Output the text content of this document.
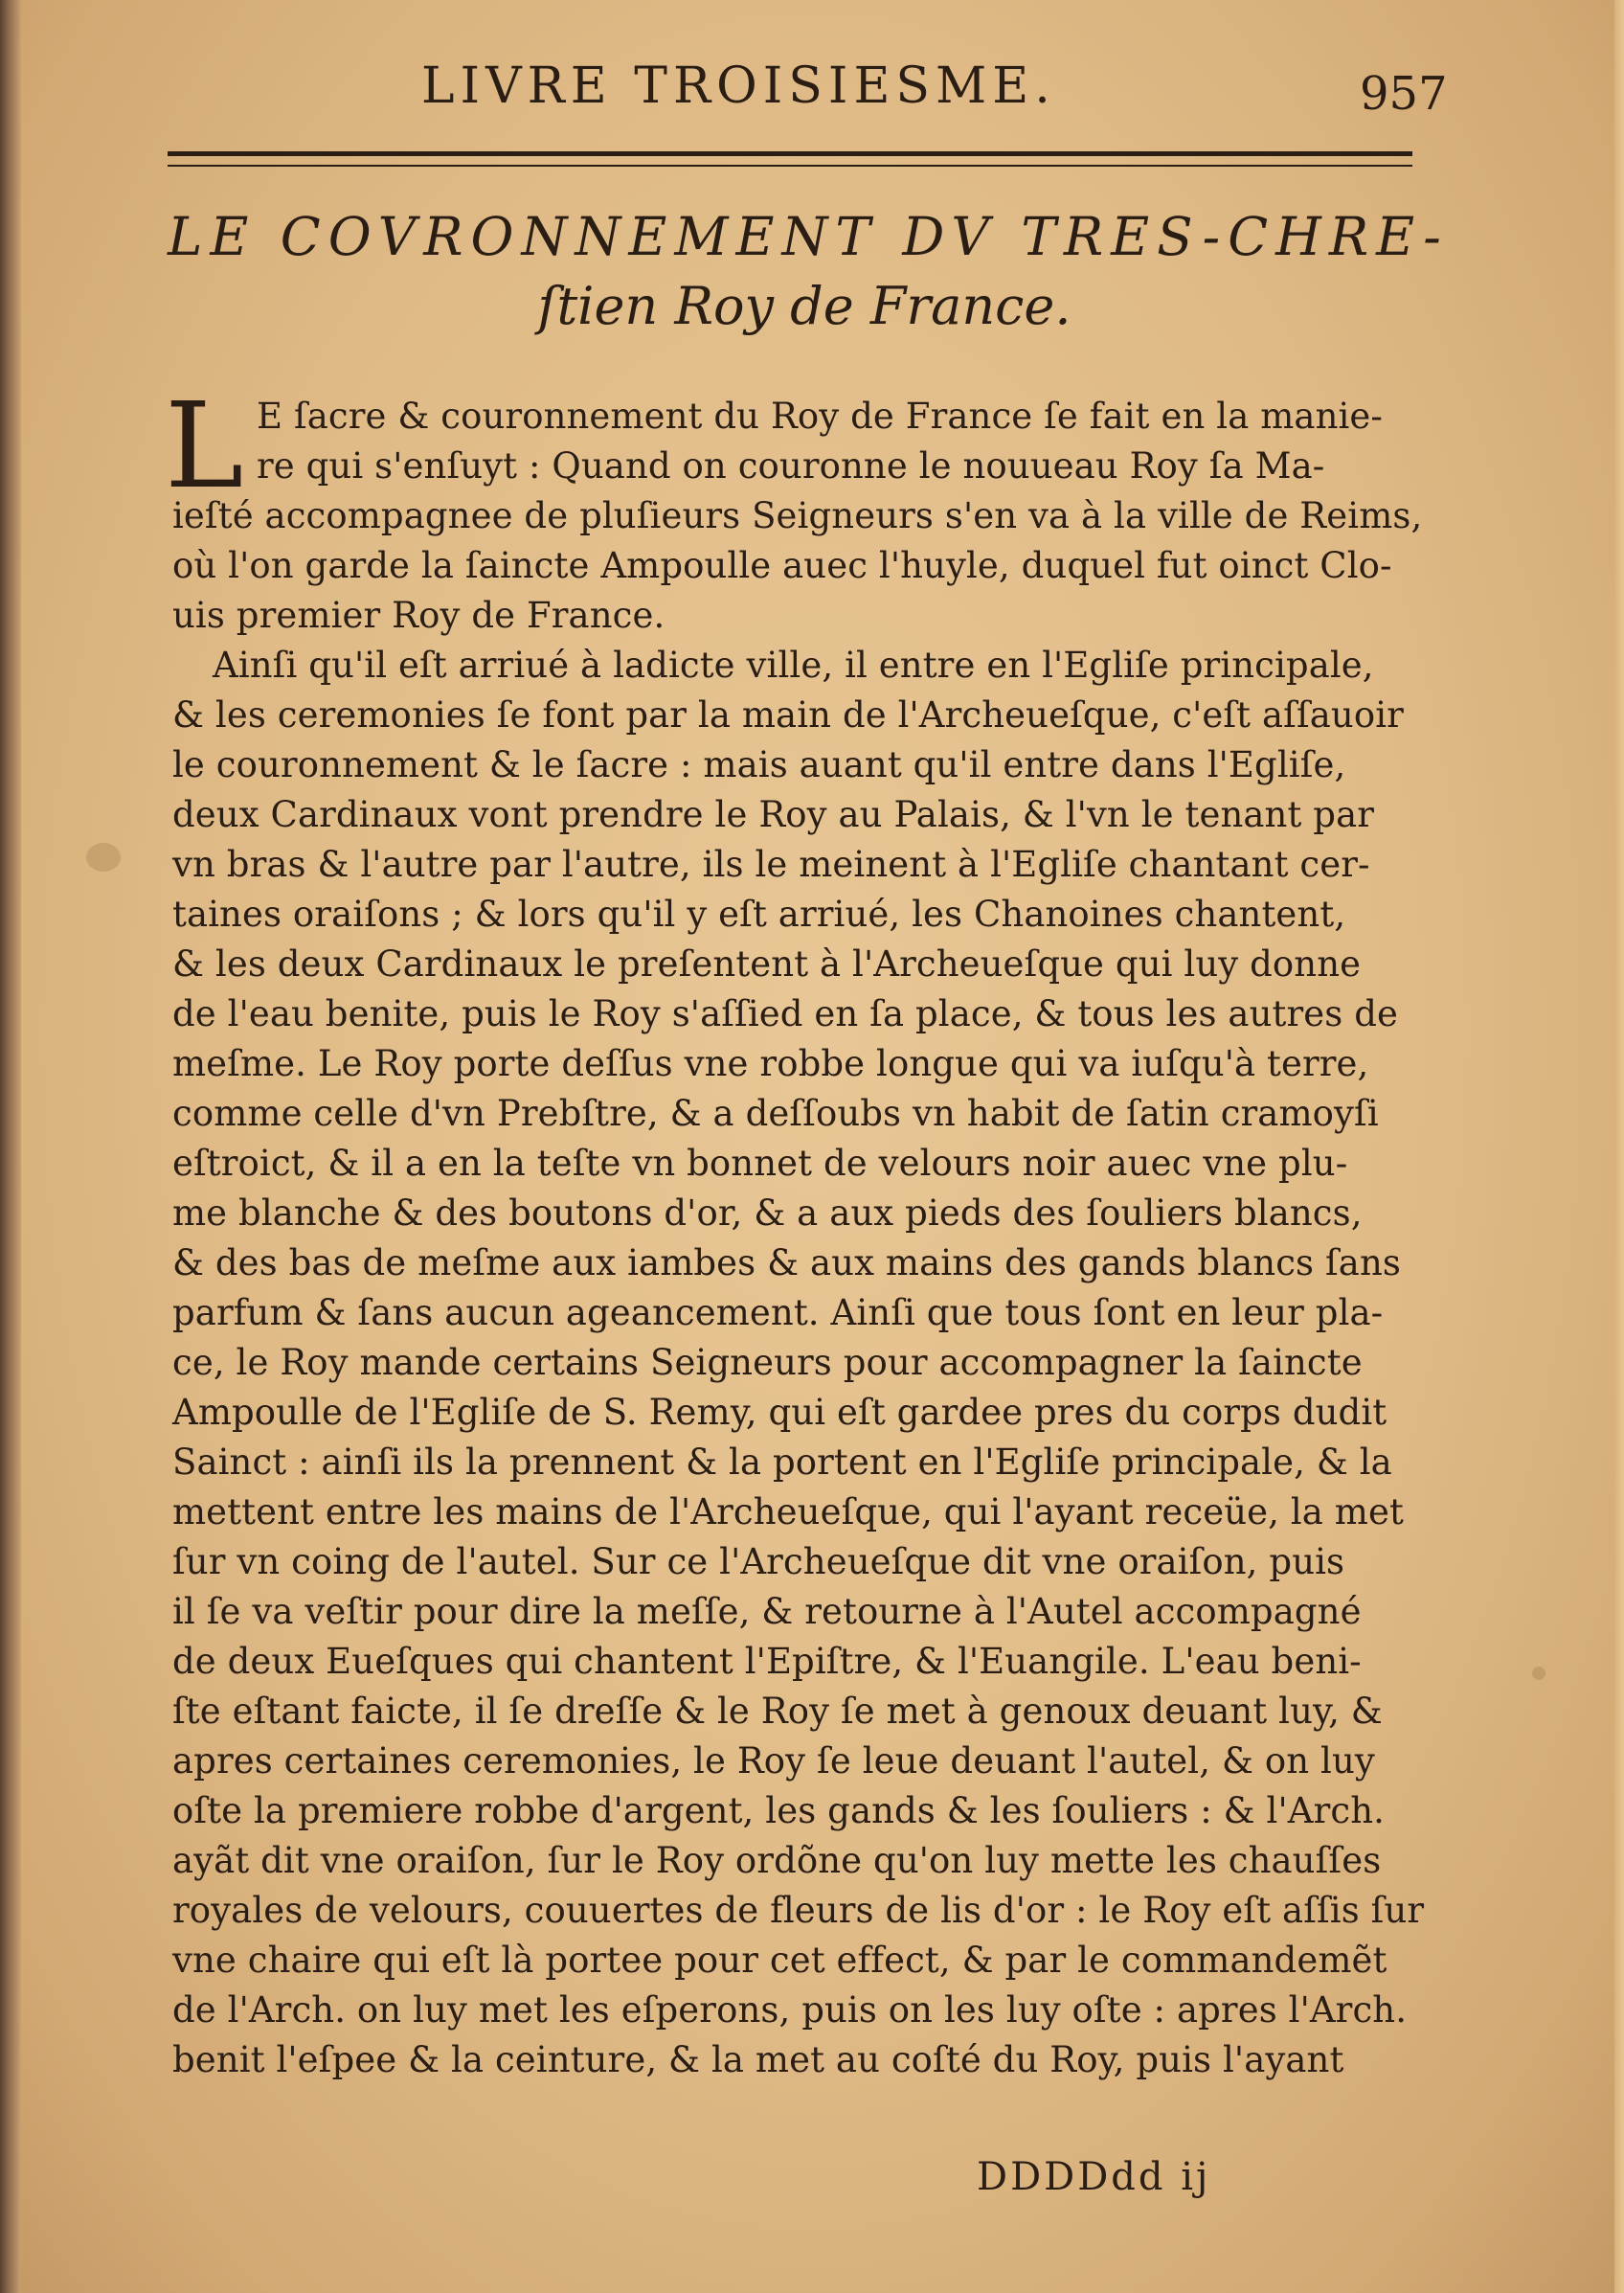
LIVRE TROISIESME.	957
LE COVRONNEMENT DV TRES-CHRE-
ſtien Roy de France.
L E ſacre & couronnement du Roy de France ſe fait en la manie-
re qui s'enſuyt : Quand on couronne le nouueau Roy ſa Ma-
ieſté accompagnee de pluſieurs Seigneurs s'en va à la ville de Reims,
où l'on garde la ſaincte Ampoulle auec l'huyle, duquel fut oinct Clo-
uis premier Roy de France.
Ainſi qu'il eſt arriué à ladicte ville, il entre en l'Egliſe principale,
& les ceremonies ſe font par la main de l'Archeueſque, c'eſt aſſauoir
le couronnement & le ſacre : mais auant qu'il entre dans l'Egliſe,
deux Cardinaux vont prendre le Roy au Palais, & l'vn le tenant par
vn bras & l'autre par l'autre, ils le meinent à l'Egliſe chantant cer-
taines oraiſons ; & lors qu'il y eſt arriué, les Chanoines chantent,
& les deux Cardinaux le preſentent à l'Archeueſque qui luy donne
de l'eau benite, puis le Roy s'aſſied en ſa place, & tous les autres de
meſme. Le Roy porte deſſus vne robbe longue qui va iuſqu'à terre,
comme celle d'vn Prebſtre, & a deſſoubs vn habit de ſatin cramoyſi
eſtroict, & il a en la teſte vn bonnet de velours noir auec vne plu-
me blanche & des boutons d'or, & a aux pieds des ſouliers blancs,
& des bas de meſme aux iambes & aux mains des gands blancs ſans
parfum & ſans aucun ageancement. Ainſi que tous ſont en leur pla-
ce, le Roy mande certains Seigneurs pour accompagner la ſaincte
Ampoulle de l'Egliſe de S. Remy, qui eſt gardee pres du corps dudit
Sainct : ainſi ils la prennent & la portent en l'Egliſe principale, & la
mettent entre les mains de l'Archeueſque, qui l'ayant receüe, la met
ſur vn coing de l'autel. Sur ce l'Archeueſque dit vne oraiſon, puis
il ſe va veſtir pour dire la meſſe, & retourne à l'Autel accompagné
de deux Eueſques qui chantent l'Epiſtre, & l'Euangile. L'eau beni-
ſte eſtant faicte, il ſe dreſſe & le Roy ſe met à genoux deuant luy, &
apres certaines ceremonies, le Roy ſe leue deuant l'autel, & on luy
oſte la premiere robbe d'argent, les gands & les ſouliers : & l'Arch.
ayãt dit vne oraiſon, ſur le Roy ordõne qu'on luy mette les chauſſes
royales de velours, couuertes de fleurs de lis d'or : le Roy eſt aſſis ſur
vne chaire qui eſt là portee pour cet effect, & par le commandemẽt
de l'Arch. on luy met les eſperons, puis on les luy oſte : apres l'Arch.
benit l'eſpee & la ceinture, & la met au coſté du Roy, puis l'ayant
DDDDdd ij
